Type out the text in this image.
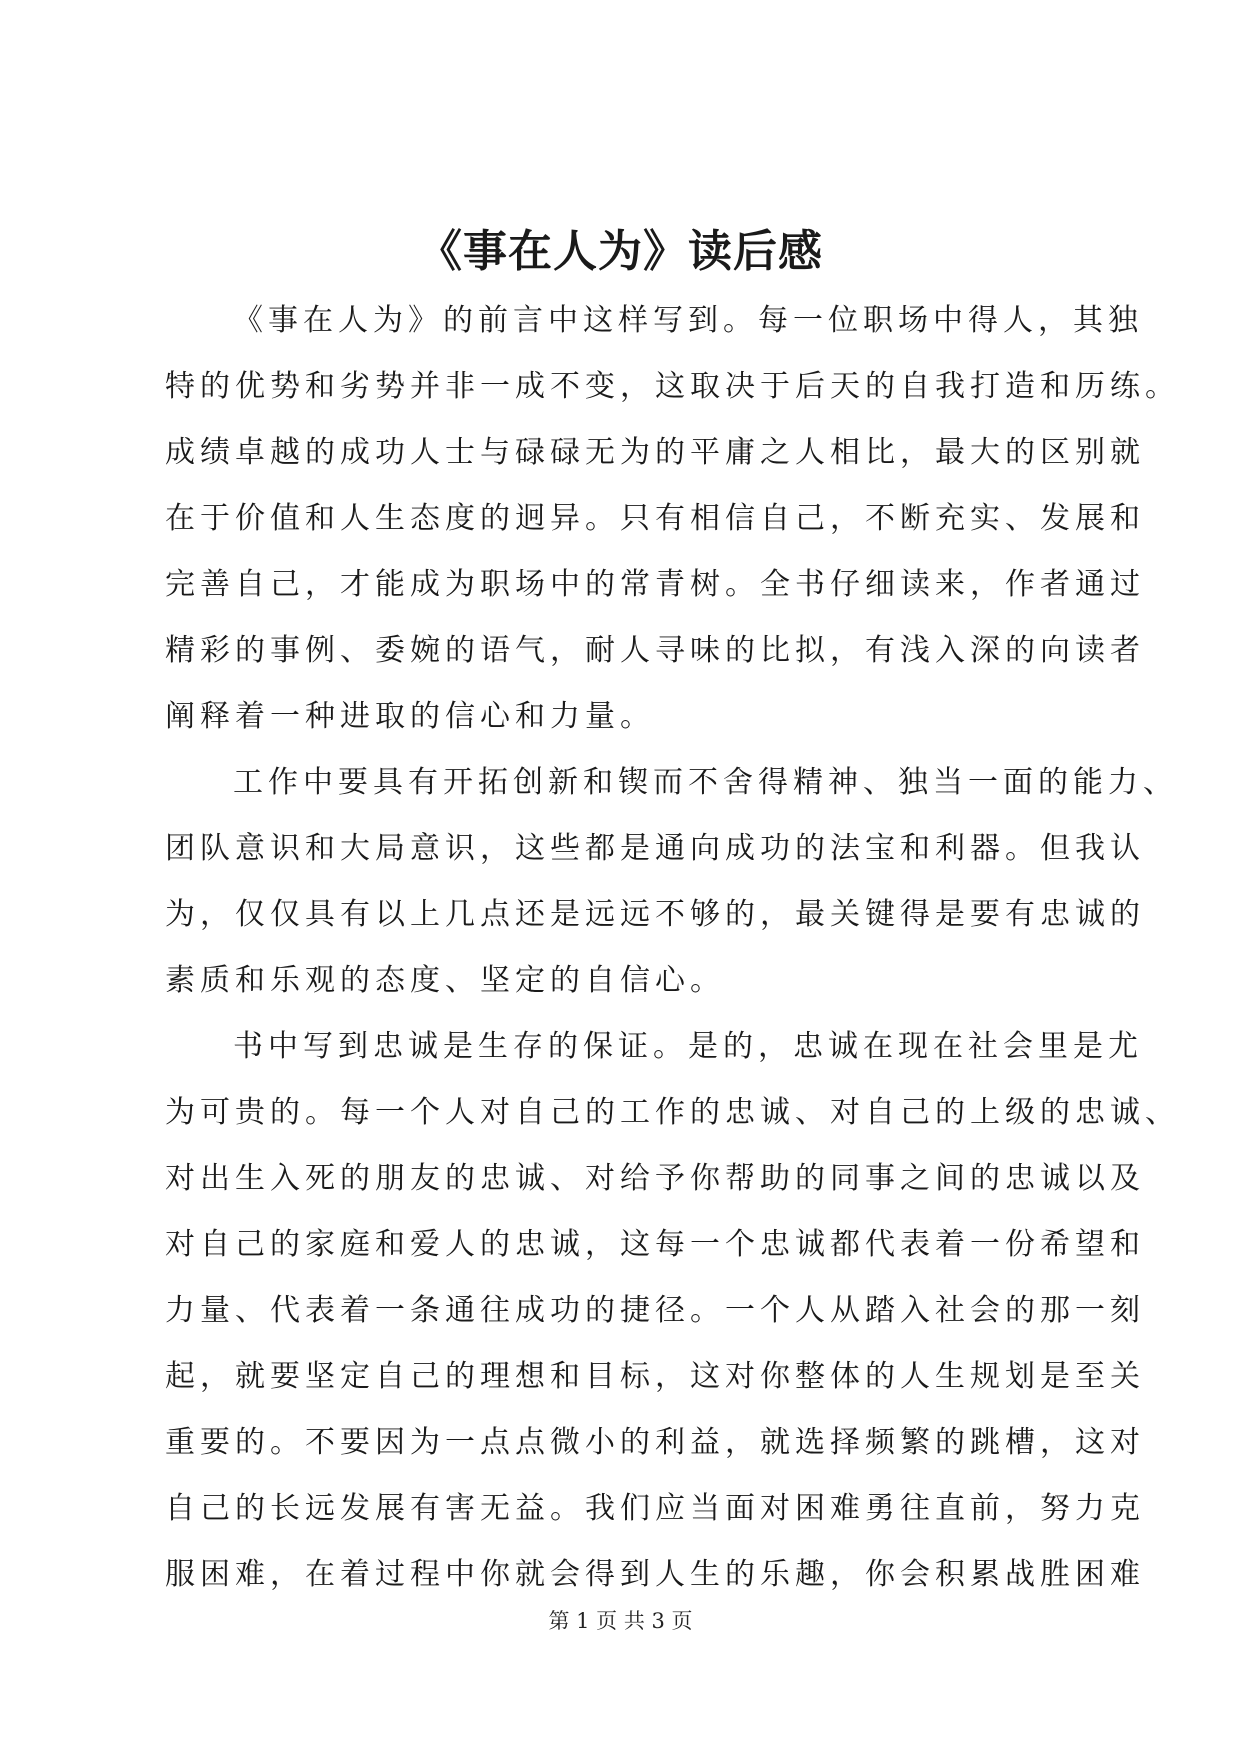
《事在人为》读后感

《事在人为》的前言中这样写到。每一位职场中得人，其独
特的优势和劣势并非一成不变，这取决于后天的自我打造和历练。
成绩卓越的成功人士与碌碌无为的平庸之人相比，最大的区别就
在于价值和人生态度的迥异。只有相信自己，不断充实、发展和
完善自己，才能成为职场中的常青树。全书仔细读来，作者通过
精彩的事例、委婉的语气，耐人寻味的比拟，有浅入深的向读者
阐释着一种进取的信心和力量。

工作中要具有开拓创新和锲而不舍得精神、独当一面的能力、
团队意识和大局意识，这些都是通向成功的法宝和利器。但我认
为，仅仅具有以上几点还是远远不够的，最关键得是要有忠诚的
素质和乐观的态度、坚定的自信心。

书中写到忠诚是生存的保证。是的，忠诚在现在社会里是尤
为可贵的。每一个人对自己的工作的忠诚、对自己的上级的忠诚、
对出生入死的朋友的忠诚、对给予你帮助的同事之间的忠诚以及
对自己的家庭和爱人的忠诚，这每一个忠诚都代表着一份希望和
力量、代表着一条通往成功的捷径。一个人从踏入社会的那一刻
起，就要坚定自己的理想和目标，这对你整体的人生规划是至关
重要的。不要因为一点点微小的利益，就选择频繁的跳槽，这对
自己的长远发展有害无益。我们应当面对困难勇往直前，努力克
服困难，在着过程中你就会得到人生的乐趣，你会积累战胜困难

第 1 页 共 3 页
